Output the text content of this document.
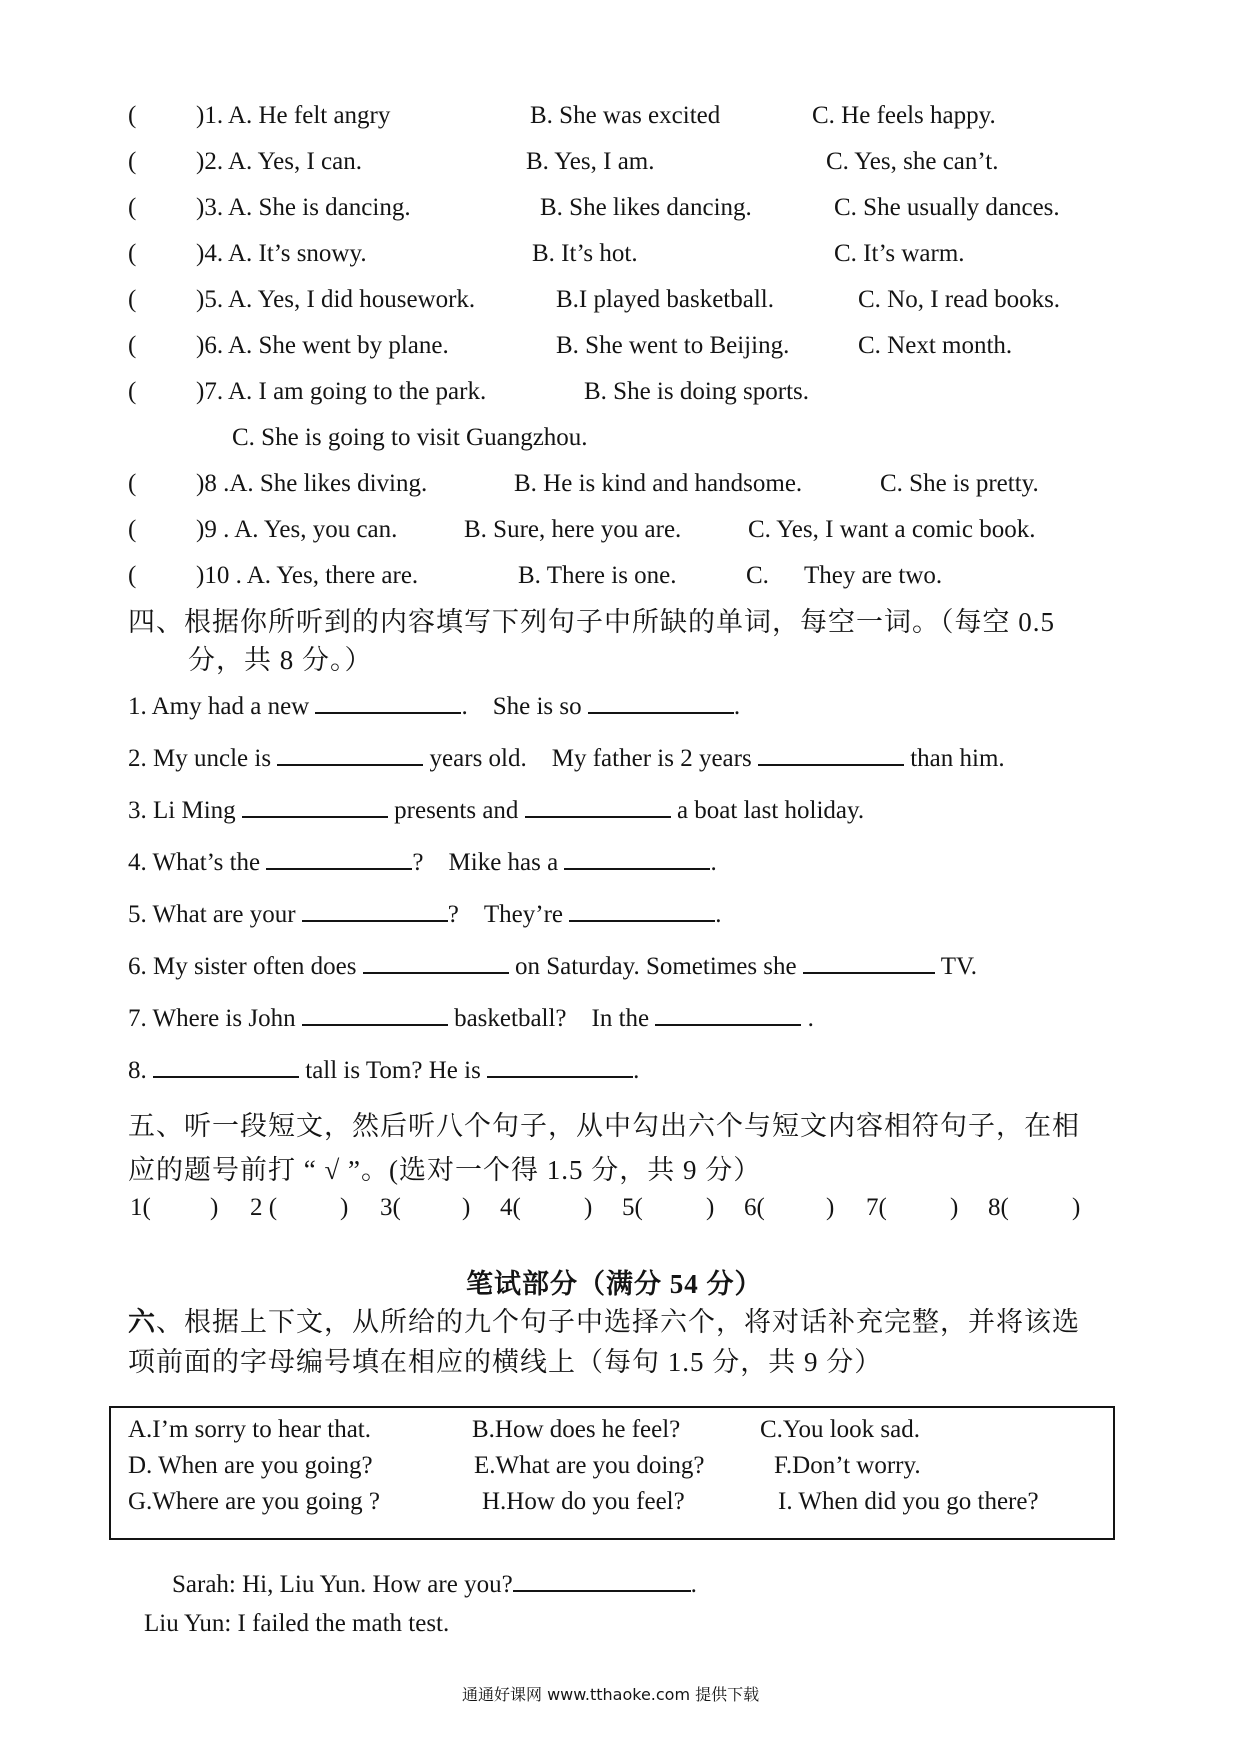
( )1. A. He felt angry	B. She was excited	C. He feels happy.
( )2. A. Yes, I can.	B. Yes, I am.	C. Yes, she can’t.
( )3. A. She is dancing.	B. She likes dancing.	C. She usually dances.
( )4. A. It’s snowy.	B. It’s hot.	C. It’s warm.
( )5. A. Yes, I did housework.	B.I played basketball.	C. No, I read books.
( )6. A. She went by plane.	B. She went to Beijing.	C. Next month.
( )7. A. I am going to the park.	B. She is doing sports.
C. She is going to visit Guangzhou.
( )8 .A. She likes diving.	B. He is kind and handsome.	C. She is pretty.
( )9 . A. Yes, you can.	B. Sure, here you are.	C. Yes, I want a comic book.
( )10 . A. Yes, there are.	B. There is one.	C. They are two.
四、根据你所听到的内容填写下列句子中所缺的单词，每空一词。（每空 0.5
分，共 8 分。）
1. Amy had a new	. She is so	.
2. My uncle is	years old. My father is 2 years	than him.
3. Li Ming	presents and	a boat last holiday.
4. What’s the	? Mike has a	.
5. What are your	? They’re	.
6. My sister often does	on Saturday. Sometimes she	TV.
7. Where is John	basketball? In the	.
8.	tall is Tom? He is	.
五、听一段短文，然后听八个句子，从中勾出六个与短文内容相符句子，在相
应的题号前打 “ √ ”。(选对一个得 1.5 分，共 9 分）
1( ) 2 (	) 3( ) 4(	) 5(	) 6( ) 7(	) 8(	)
笔试部分（满分 54 分）
六、根据上下文，从所给的九个句子中选择六个，将对话补充完整，并将该选
项前面的字母编号填在相应的横线上（每句 1.5 分，共 9 分）
A.I’m sorry to hear that.	B.How does he feel?	C.You look sad.
D. When are you going?	E.What are you doing?	F.Don’t worry.
G.Where are you going ?	H.How do you feel?	I. When did you go there?
Sarah: Hi, Liu Yun. How are you?	.
Liu Yun: I failed the math test.
通通好课网 www.tthaoke.com 提供下载
